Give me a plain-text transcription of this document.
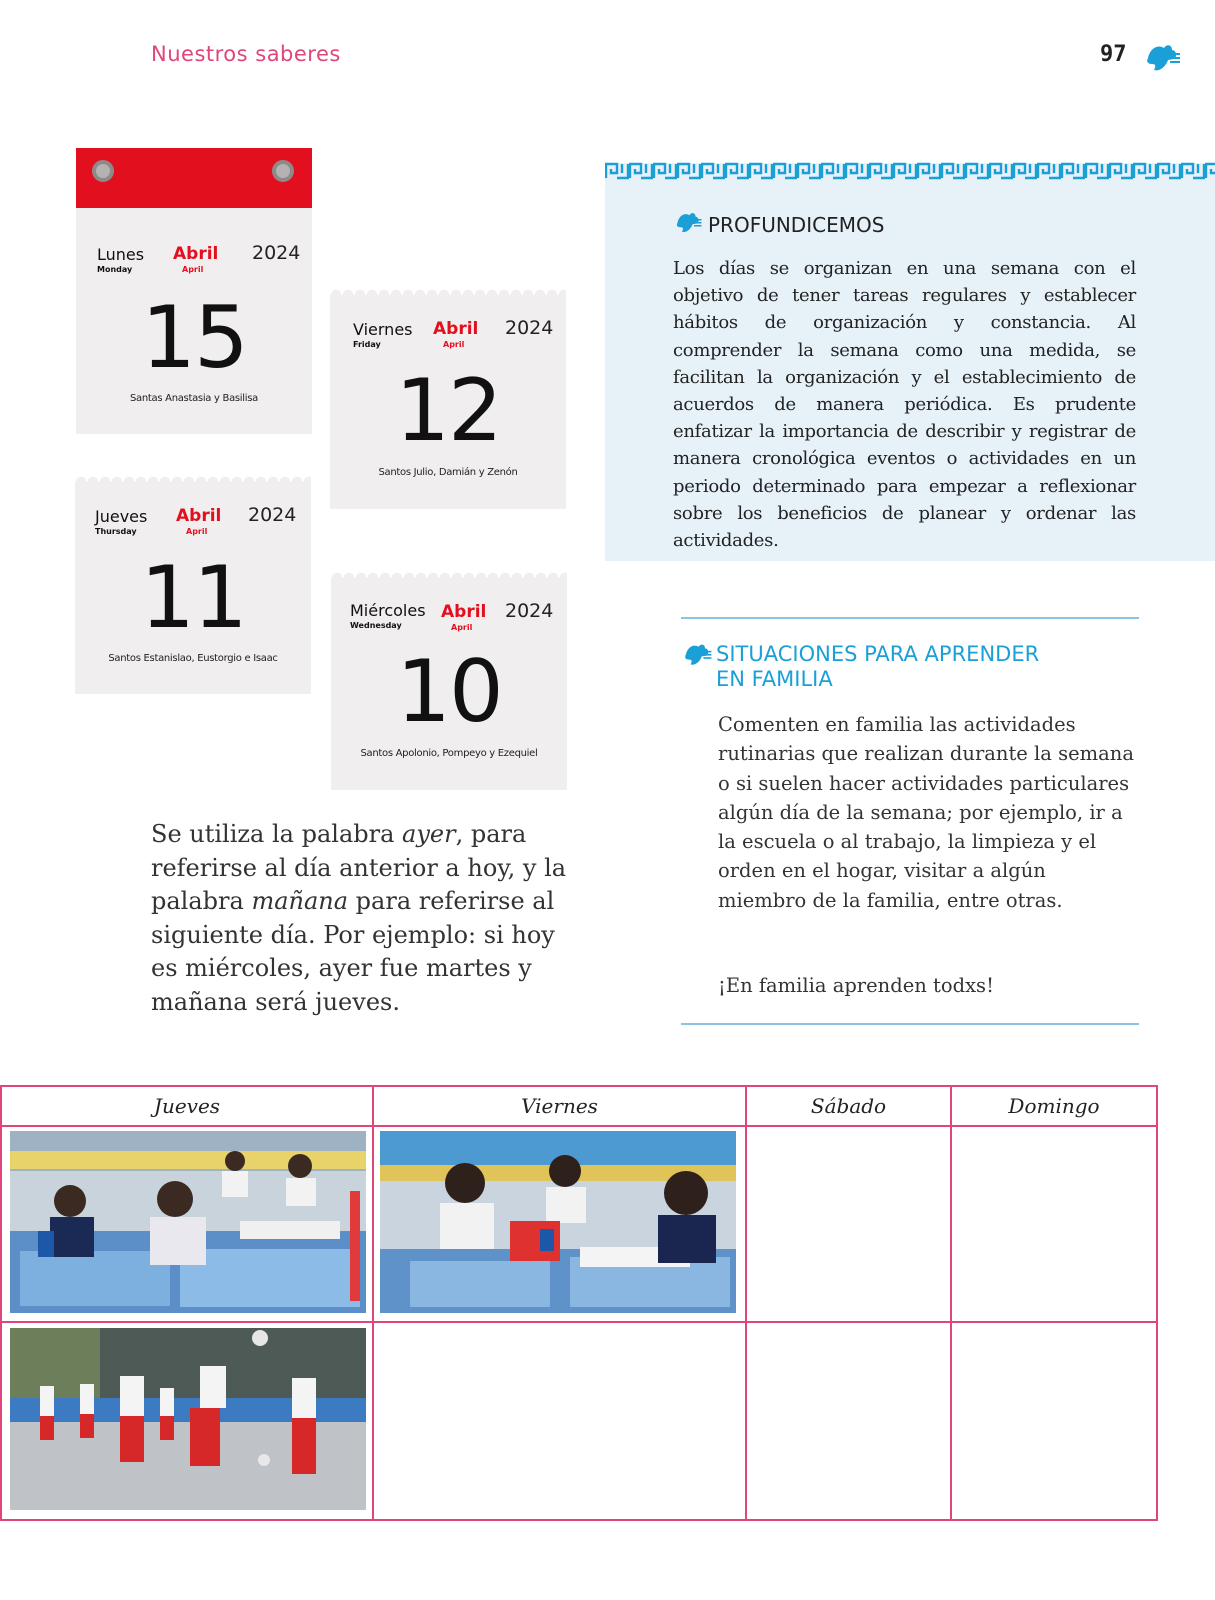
Nuestros saberes	97
Lunes
Monday
Abril
April
2024
15
Santas Anastasia y Basilisa
Viernes
Friday
Abril
April
2024
12
Santos Julio, Damián y Zenón
Jueves
Thursday
Abril
April
2024
11
Santos Estanislao, Eustorgio e Isaac
Miércoles
Wednesday
Abril
April
2024
10
Santos Apolonio, Pompeyo y Ezequiel
PROFUNDICEMOS
Los días se organizan en una semana con el objetivo de tener tareas regulares y establecer hábitos de organización y constancia. Al comprender la semana como una medida, se facilitan la organización y el establecimiento de acuerdos de manera periódica. Es prudente enfatizar la importancia de describir y registrar de manera cronológica eventos o actividades en un periodo determinado para empezar a reflexionar sobre los beneficios de planear y ordenar las actividades.
SITUACIONES PARA APRENDER
EN FAMILIA
Comenten en familia las actividades rutinarias que realizan durante la semana o si suelen hacer actividades particulares algún día de la semana; por ejemplo, ir a la escuela o al trabajo, la limpieza y el orden en el hogar, visitar a algún miembro de la familia, entre otras.
¡En familia aprenden todxs!
Se utiliza la palabra ayer, para referirse al día anterior a hoy, y la palabra mañana para referirse al siguiente día. Por ejemplo: si hoy es miércoles, ayer fue martes y mañana será jueves.
Jueves	Viernes	Sábado	Domingo
